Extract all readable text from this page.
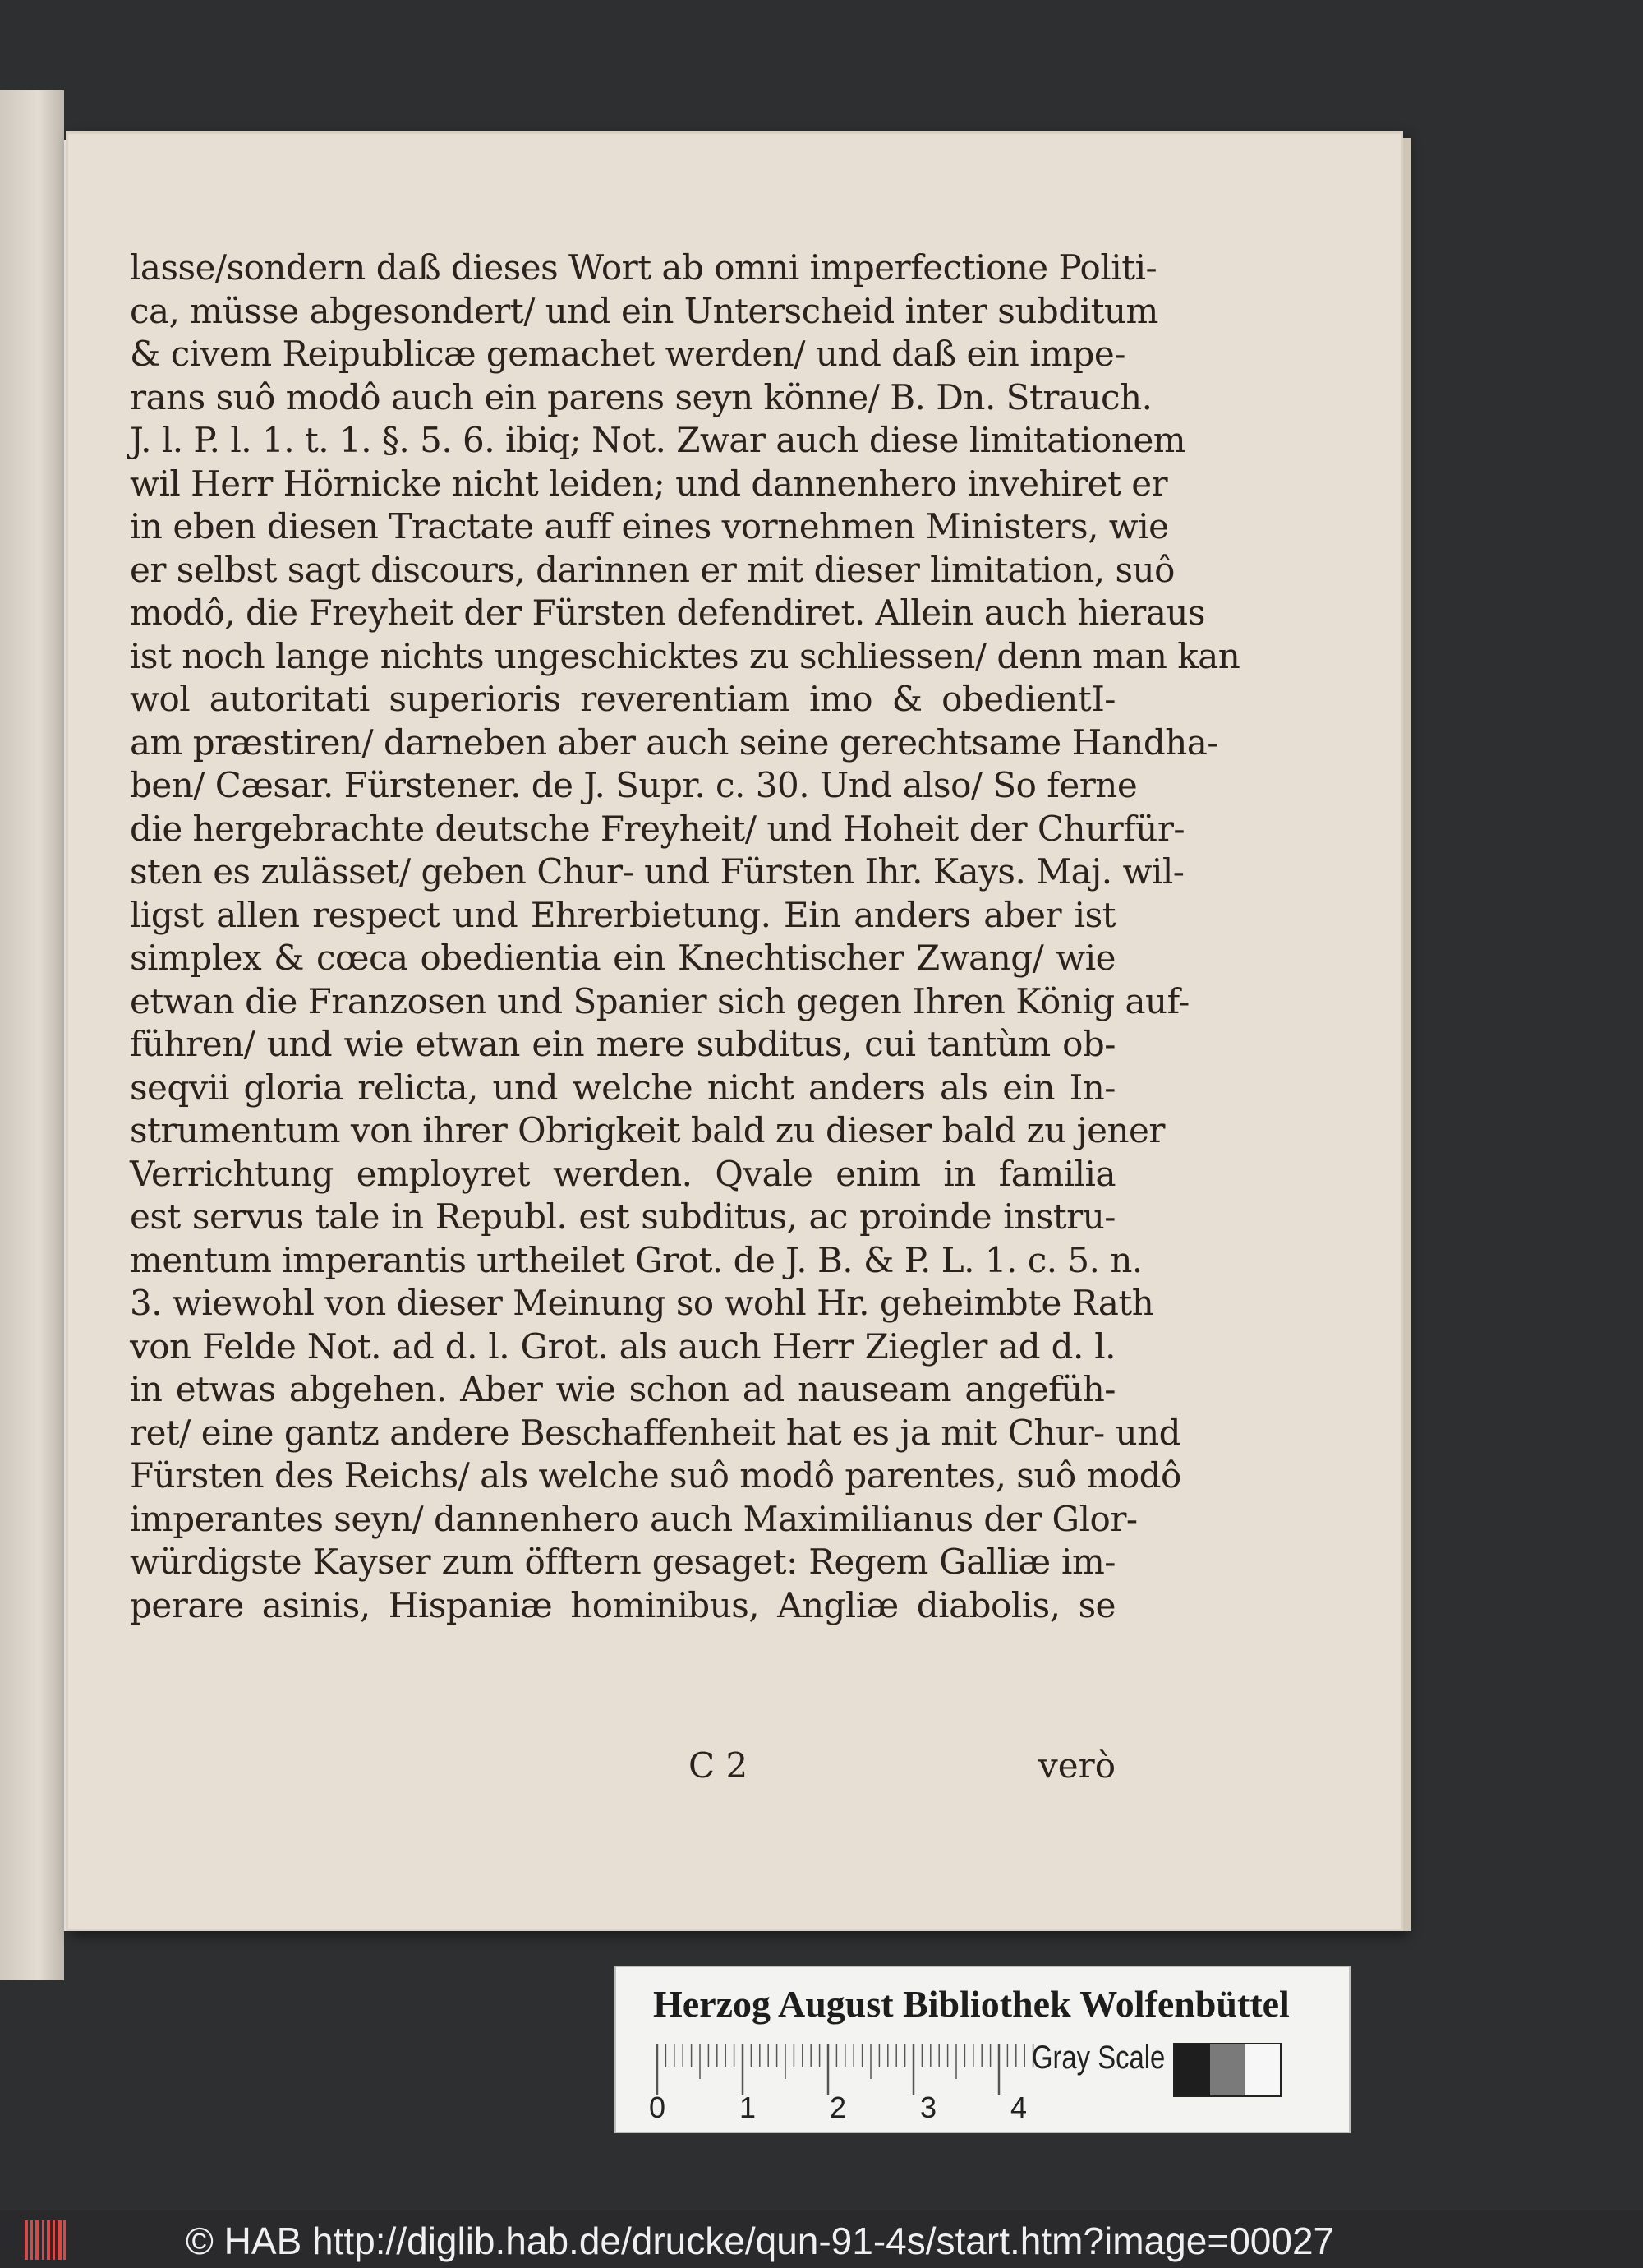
lasse/sondern daß dieses Wort ab omni imperfectione Politi-
ca, müsse abgesondert/ und ein Unterscheid inter subditum
& civem Reipublicæ gemachet werden/ und daß ein impe-
rans suô modô auch ein parens seyn könne/ B. Dn. Strauch.
J. l. P. l. 1. t. 1. §. 5. 6. ibiq; Not. Zwar auch diese limitationem
wil Herr Hörnicke nicht leiden; und dannenhero invehiret er
in eben diesen Tractate auff eines vornehmen Ministers, wie
er selbst sagt discours, darinnen er mit dieser limitation, suô
modô, die Freyheit der Fürsten defendiret. Allein auch hieraus
ist noch lange nichts ungeschicktes zu schliessen/ denn man kan
wol autoritati superioris reverentiam imo & obedientI-
am præstiren/ darneben aber auch seine gerechtsame Handha-
ben/ Cæsar. Fürstener. de J. Supr. c. 30. Und also/ So ferne
die hergebrachte deutsche Freyheit/ und Hoheit der Churfür-
sten es zulässet/ geben Chur- und Fürsten Ihr. Kays. Maj. wil-
ligst allen respect und Ehrerbietung. Ein anders aber ist
simplex & cœca obedientia ein Knechtischer Zwang/ wie
etwan die Franzosen und Spanier sich gegen Ihren König auf-
führen/ und wie etwan ein mere subditus, cui tantùm ob-
seqvii gloria relicta, und welche nicht anders als ein In-
strumentum von ihrer Obrigkeit bald zu dieser bald zu jener
Verrichtung employret werden. Qvale enim in familia
est servus tale in Republ. est subditus, ac proinde instru-
mentum imperantis urtheilet Grot. de J. B. & P. L. 1. c. 5. n.
3. wiewohl von dieser Meinung so wohl Hr. geheimbte Rath
von Felde Not. ad d. l. Grot. als auch Herr Ziegler ad d. l.
in etwas abgehen. Aber wie schon ad nauseam angefüh-
ret/ eine gantz andere Beschaffenheit hat es ja mit Chur- und
Fürsten des Reichs/ als welche suô modô parentes, suô modô
imperantes seyn/ dannenhero auch Maximilianus der Glor-
würdigste Kayser zum öfftern gesaget: Regem Galliæ im-
perare asinis, Hispaniæ hominibus, Angliæ diabolis, se
C 2	verò
Herzog August Bibliothek Wolfenbüttel
0 1 2 3 4
Gray Scale
© HAB http://diglib.hab.de/drucke/qun-91-4s/start.htm?image=00027
